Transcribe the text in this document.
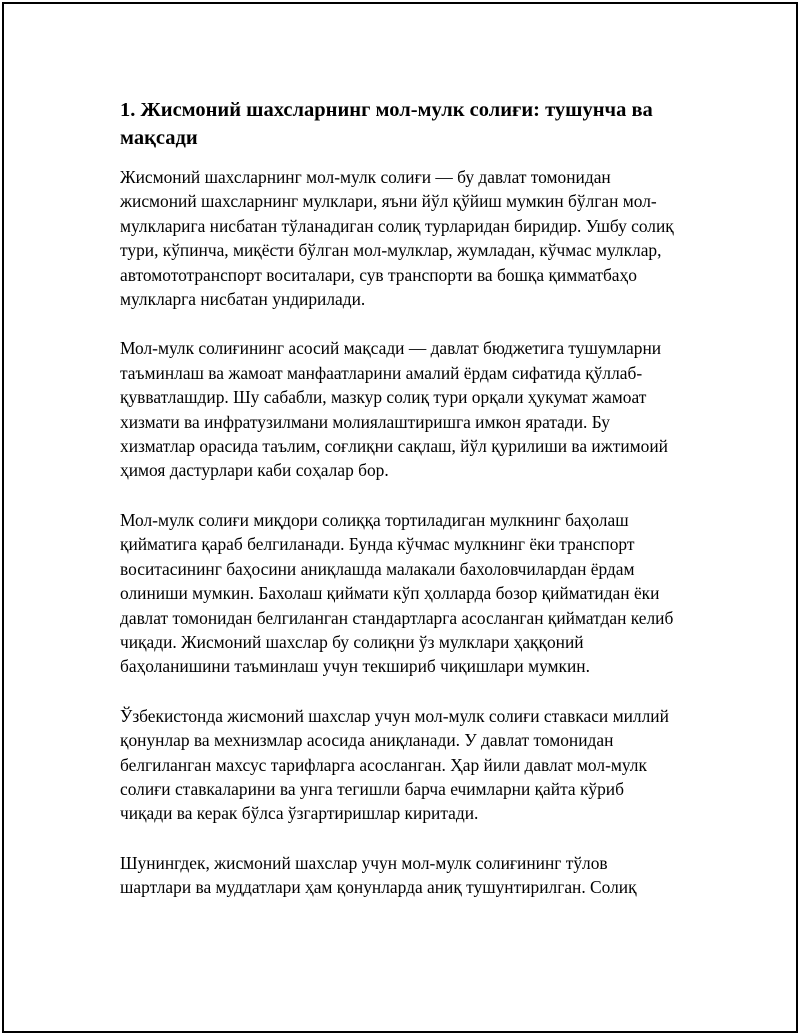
1. Жисмоний шахсларнинг мол-мулк солиғи: тушунча ва мақсади

Жисмоний шахсларнинг мол-мулк солиғи — бу давлат томонидан жисмоний шахсларнинг мулклари, яъни йўл қўйиш мумкин бўлган мол-мулкларига нисбатан тўланадиган солиқ турларидан биридир. Ушбу солиқ тури, кўпинча, миқёсти бўлган мол-мулклар, жумладан, кўчмас мулклар, автомототранспорт воситалари, сув транспорти ва бошқа қимматбаҳо мулкларга нисбатан ундирилади.

Мол-мулк солиғининг асосий мақсади — давлат бюджетига тушумларни таъминлаш ва жамоат манфаатларини амалий ёрдам сифатида қўллаб-қувватлашдир. Шу сабабли, мазкур солиқ тури орқали ҳукумат жамоат хизмати ва инфратузилмани молиялаштиришга имкон яратади. Бу хизматлар орасида таълим, соғлиқни сақлаш, йўл қурилиши ва ижтимоий ҳимоя дастурлари каби соҳалар бор.

Мол-мулк солиғи миқдори солиққа тортиладиган мулкнинг баҳолаш қийматига қараб белгиланади. Бунда кўчмас мулкнинг ёки транспорт воситасининг баҳосини аниқлашда малакали бахоловчилардан ёрдам олиниши мумкин. Бахолаш қиймати кўп ҳолларда бозор қийматидан ёки давлат томонидан белгиланган стандартларга асосланган қийматдан келиб чиқади. Жисмоний шахслар бу солиқни ўз мулклари ҳаққоний баҳоланишини таъминлаш учун текшириб чиқишлари мумкин.

Ўзбекистонда жисмоний шахслар учун мол-мулк солиғи ставкаси миллий қонунлар ва мехнизмлар асосида аниқланади. У давлат томонидан белгиланган махсус тарифларга асосланган. Ҳар йили давлат мол-мулк солиғи ставкаларини ва унга тегишли барча ечимларни қайта кўриб чиқади ва керак бўлса ўзгартиришлар киритади.

Шунингдек, жисмоний шахслар учун мол-мулк солиғининг тўлов шартлари ва муддатлари ҳам қонунларда аниқ тушунтирилган. Солиқ
